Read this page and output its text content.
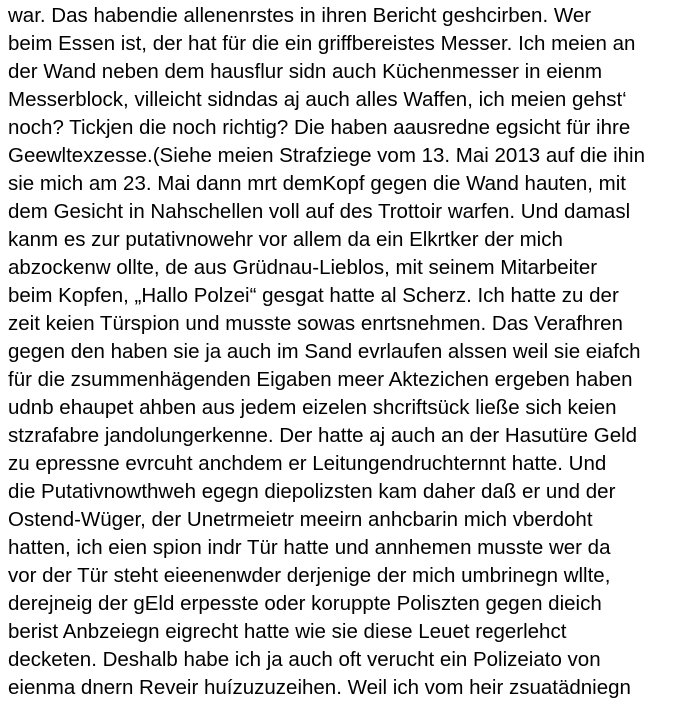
war. Das habendie allenenrstes in ihren Bericht geshcirben. Wer
beim Essen ist, der hat für die ein griffbereistes Messer. Ich meien an
der Wand neben dem hausflur sidn auch Küchenmesser in eienm
Messerblock, villeicht sidndas aj auch alles Waffen, ich meien gehst‘
noch? Tickjen die noch richtig? Die haben aausredne egsicht für ihre
Geewltexzesse.(Siehe meien Strafziege vom 13. Mai 2013 auf die ihin
sie mich am 23. Mai dann mrt demKopf gegen die Wand hauten, mit
dem Gesicht in Nahschellen voll auf des Trottoir warfen. Und damasl
kanm es zur putativnowehr vor allem da ein Elkrtker der mich
abzockenw ollte, de aus Grüdnau-Lieblos, mit seinem Mitarbeiter
beim Kopfen, „Hallo Polzei“ gesgat hatte al Scherz. Ich hatte zu der
zeit keien Türspion und musste sowas enrtsnehmen. Das Verafhren
gegen den haben sie ja auch im Sand evrlaufen alssen weil sie eiafch
für die zsummenhägenden Eigaben meer Aktezichen ergeben haben
udnb ehaupet ahben aus jedem eizelen shcriftsück ließe sich keien
stzrafabre jandolungerkenne. Der hatte aj auch an der Hasutüre Geld
zu epressne evrcuht anchdem er Leitungendruchternnt hatte. Und
die Putativnowthweh egegn diepolizsten kam daher daß er und der
Ostend-Wüger, der Unetrmeietr meeirn anhcbarin mich vberdoht
hatten, ich eien spion indr Tür hatte und annhemen musste wer da
vor der Tür steht eieenenwder derjenige der mich umbrinegn wllte,
derejneig der gEld erpesste oder koruppte Poliszten gegen dieich
berist Anbzeiegn eigrecht hatte wie sie diese Leuet regerlehct
decketen. Deshalb habe ich ja auch oft verucht ein Polizeiato von
eienma dnern Reveir huízuzuzeihen. Weil ich vom heir zsuatädniegn
